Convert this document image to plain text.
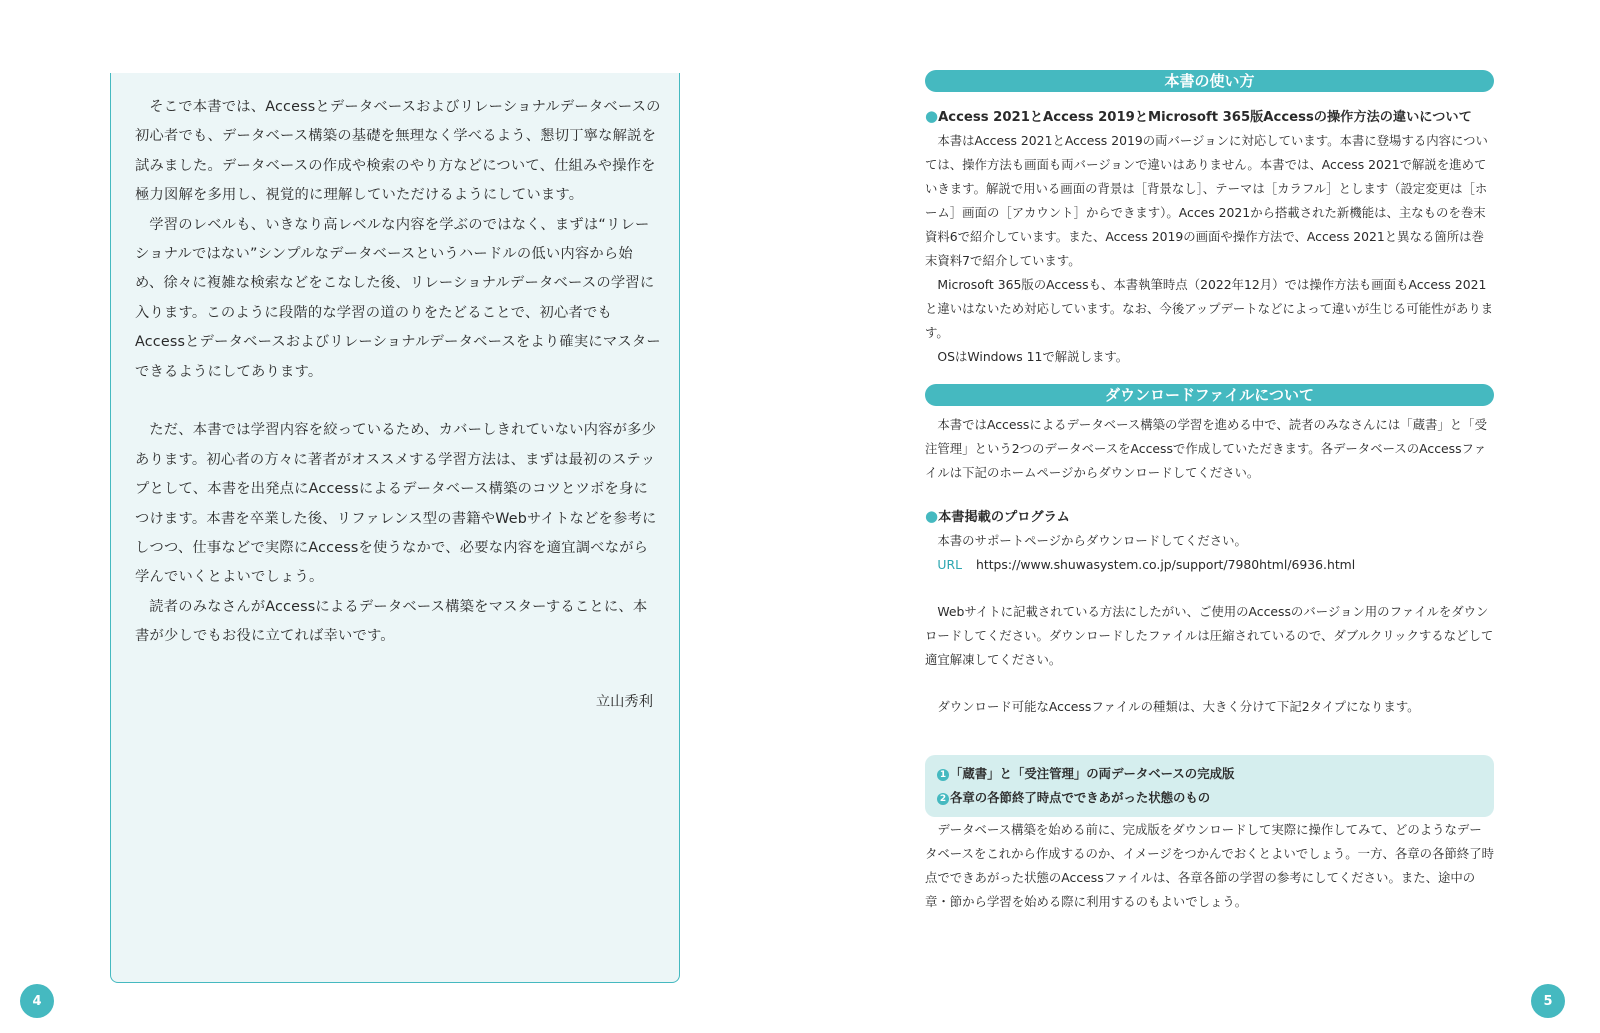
そこで本書では、Accessとデータベースおよびリレーショナルデータベースの初心者でも、データベース構築の基礎を無理なく学べるよう、懇切丁寧な解説を試みました。データベースの作成や検索のやり方などについて、仕組みや操作を極力図解を多用し、視覚的に理解していただけるようにしています。

学習のレベルも、いきなり高レベルな内容を学ぶのではなく、まずは“リレーショナルではない”シンプルなデータベースというハードルの低い内容から始め、徐々に複雑な検索などをこなした後、リレーショナルデータベースの学習に入ります。このように段階的な学習の道のりをたどることで、初心者でもAccessとデータベースおよびリレーショナルデータベースをより確実にマスターできるようにしてあります。

ただ、本書では学習内容を絞っているため、カバーしきれていない内容が多少あります。初心者の方々に著者がオススメする学習方法は、まずは最初のステップとして、本書を出発点にAccessによるデータベース構築のコツとツボを身につけます。本書を卒業した後、リファレンス型の書籍やWebサイトなどを参考にしつつ、仕事などで実際にAccessを使うなかで、必要な内容を適宜調べながら学んでいくとよいでしょう。

読者のみなさんがAccessによるデータベース構築をマスターすることに、本書が少しでもお役に立てれば幸いです。

立山秀利
4
本書の使い方
●Access 2021とAccess 2019とMicrosoft 365版Accessの操作方法の違いについて

本書はAccess 2021とAccess 2019の両バージョンに対応しています。本書に登場する内容については、操作方法も画面も両バージョンで違いはありません。本書では、Access 2021で解説を進めていきます。解説で用いる画面の背景は［背景なし］、テーマは［カラフル］とします（設定変更は［ホーム］画面の［アカウント］からできます）。Acces 2021から搭載された新機能は、主なものを巻末資料6で紹介しています。また、Access 2019の画面や操作方法で、Access 2021と異なる箇所は巻末資料7で紹介しています。

Microsoft 365版のAccessも、本書執筆時点（2022年12月）では操作方法も画面もAccess 2021と違いはないため対応しています。なお、今後アップデートなどによって違いが生じる可能性があります。

OSはWindows 11で解説します。

ダウンロードファイルについて

本書ではAccessによるデータベース構築の学習を進める中で、読者のみなさんには「蔵書」と「受注管理」という2つのデータベースをAccessで作成していただきます。各データベースのAccessファイルは下記のホームページからダウンロードしてください。

●本書掲載のプログラム

本書のサポートページからダウンロードしてください。

URL https://www.shuwasystem.co.jp/support/7980html/6936.html

Webサイトに記載されている方法にしたがい、ご使用のAccessのバージョン用のファイルをダウンロードしてください。ダウンロードしたファイルは圧縮されているので、ダブルクリックするなどして適宜解凍してください。

ダウンロード可能なAccessファイルの種類は、大きく分けて下記2タイプになります。

1 「蔵書」と「受注管理」の両データベースの完成版
2 各章の各節終了時点でできあがった状態のもの

データベース構築を始める前に、完成版をダウンロードして実際に操作してみて、どのようなデータベースをこれから作成するのか、イメージをつかんでおくとよいでしょう。一方、各章の各節終了時点でできあがった状態のAccessファイルは、各章各節の学習の参考にしてください。また、途中の章・節から学習を始める際に利用するのもよいでしょう。

5
